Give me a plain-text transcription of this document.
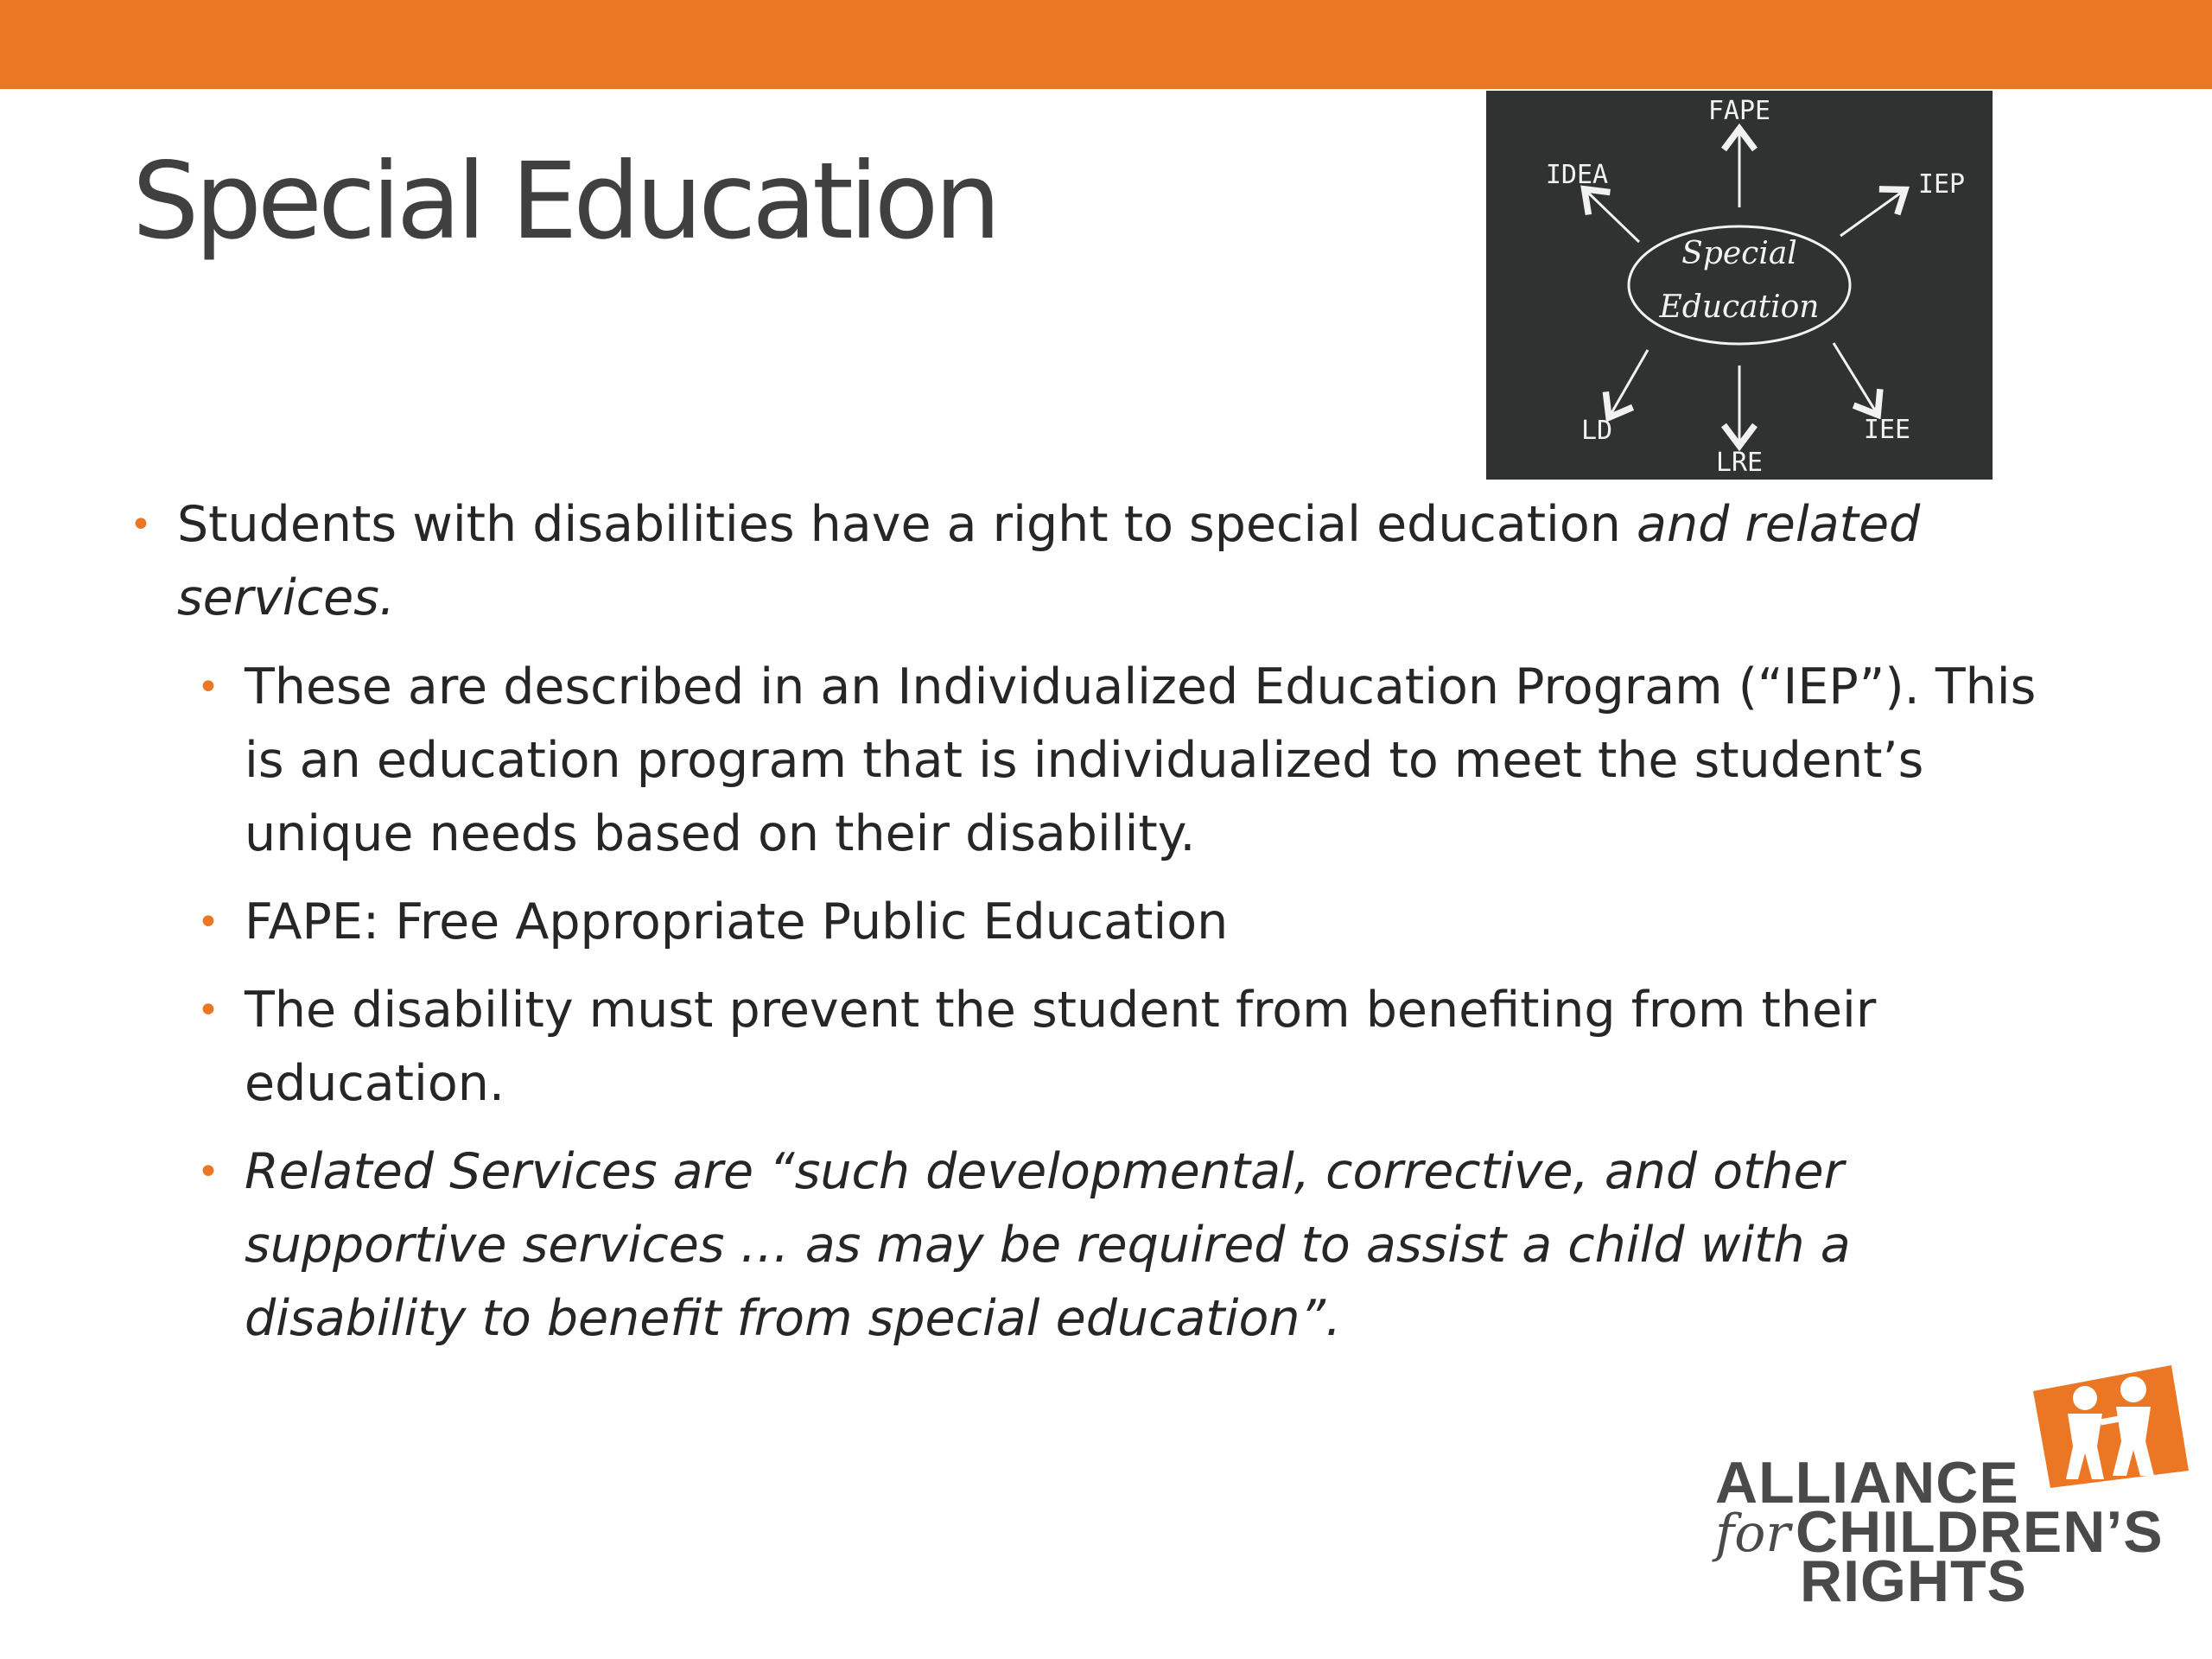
Special Education	Special
Education
FAPE
IDEA	IEP
LD
LRE
IEE
• Students with disabilities have a right to special education and related services.
• These are described in an Individualized Education Program (“IEP”). This is an education program that is individualized to meet the student’s unique needs based on their disability.
• FAPE: Free Appropriate Public Education
• The disability must prevent the student from benefiting from their education.
• Related Services are “such developmental, corrective, and other supportive services … as may be required to assist a child with a disability to benefit from special education”.
ALLIANCE
for CHILDREN’S
RIGHTS
